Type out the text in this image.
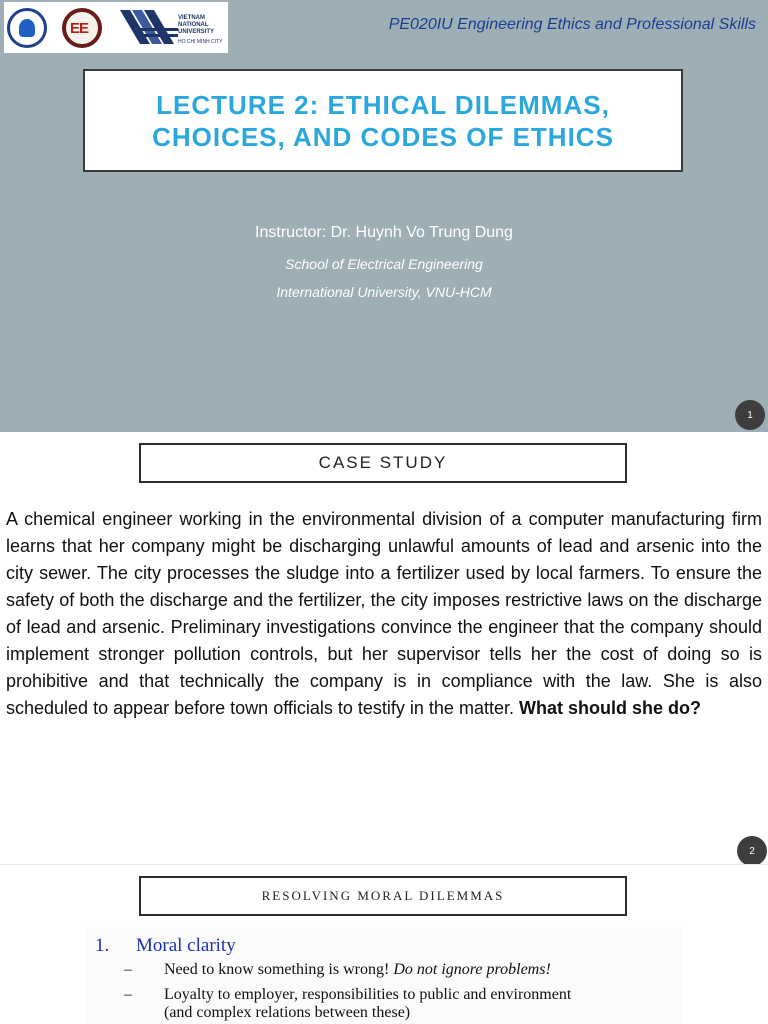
EE
VIETNAM
NATIONAL
UNIVERSITY
HO CHI MINH CITY
PE020IU Engineering Ethics and Professional Skills
LECTURE 2: ETHICAL DILEMMAS,
CHOICES, AND CODES OF ETHICS
Instructor: Dr. Huynh Vo Trung Dung
School of Electrical Engineering
International University, VNU-HCM
1
CASE STUDY
A chemical engineer working in the environmental division of a computer manufacturing firm learns that her company might be discharging unlawful amounts of lead and arsenic into the city sewer. The city processes the sludge into a fertilizer used by local farmers. To ensure the safety of both the discharge and the fertilizer, the city imposes restrictive laws on the discharge of lead and arsenic. Preliminary investigations convince the engineer that the company should implement stronger pollution controls, but her supervisor tells her the cost of doing so is prohibitive and that technically the company is in compliance with the law. She is also scheduled to appear before town officials to testify in the matter. What should she do?
2
RESOLVING MORAL DILEMMAS
1. Moral clarity
– Need to know something is wrong! Do not ignore problems!
– Loyalty to employer, responsibilities to public and environment
(and complex relations between these)
